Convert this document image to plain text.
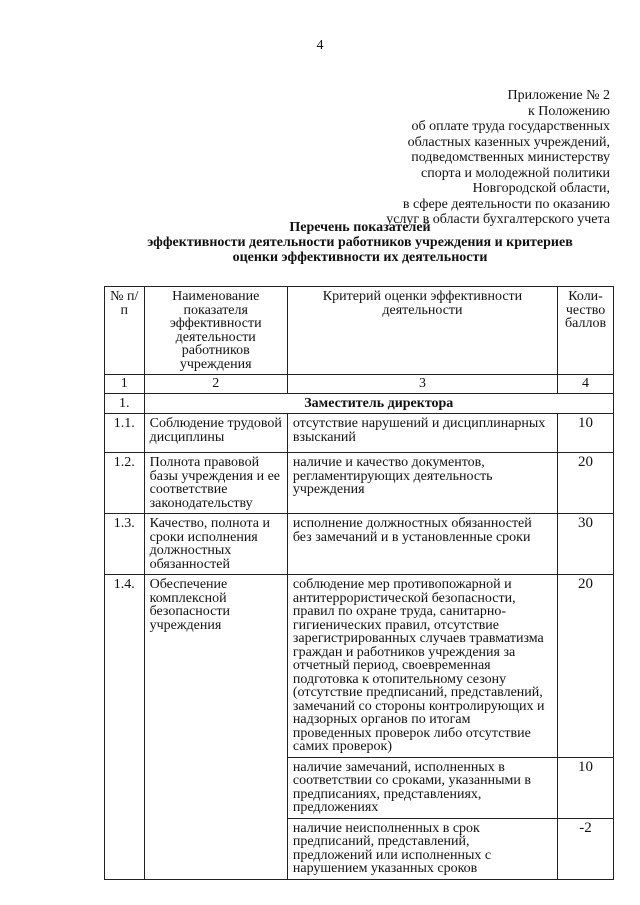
4
Приложение № 2
к Положению
об оплате труда государственных
областных казенных учреждений,
подведомственных министерству
спорта и молодежной политики
Новгородской области,
в сфере деятельности по оказанию
услуг в области бухгалтерского учета
Перечень показателей
эффективности деятельности работников учреждения и критериев
оценки эффективности их деятельности
№ п/п	Наименование показателя эффективности деятельности работников учреждения	Критерий оценки эффективности деятельности	Коли-чество баллов
1	2	3	4
1.	Заместитель директора		
1.1.	Соблюдение трудовой дисциплины	отсутствие нарушений и дисциплинарных взысканий	10
1.2.	Полнота правовой базы учреждения и ее соответствие законодательству	наличие и качество документов, регламентирующих деятельность учреждения	20
1.3.	Качество, полнота и сроки исполнения должностных обязанностей	исполнение должностных обязанностей без замечаний и в установленные сроки	30
1.4.	Обеспечение комплексной безопасности учреждения	соблюдение мер противопожарной и антитеррористической безопасности, правил по охране труда, санитарно-гигиенических правил, отсутствие зарегистрированных случаев травматизма граждан и работников учреждения за отчетный период, своевременная подготовка к отопительному сезону (отсутствие предписаний, представлений, замечаний со стороны контролирующих и надзорных органов по итогам проведенных проверок либо отсутствие самих проверок)	20
		наличие замечаний, исполненных в соответствии со сроками, указанными в предписаниях, представлениях, предложениях	10
		наличие неисполненных в срок предписаний, представлений, предложений или исполненных с нарушением указанных сроков	-2
